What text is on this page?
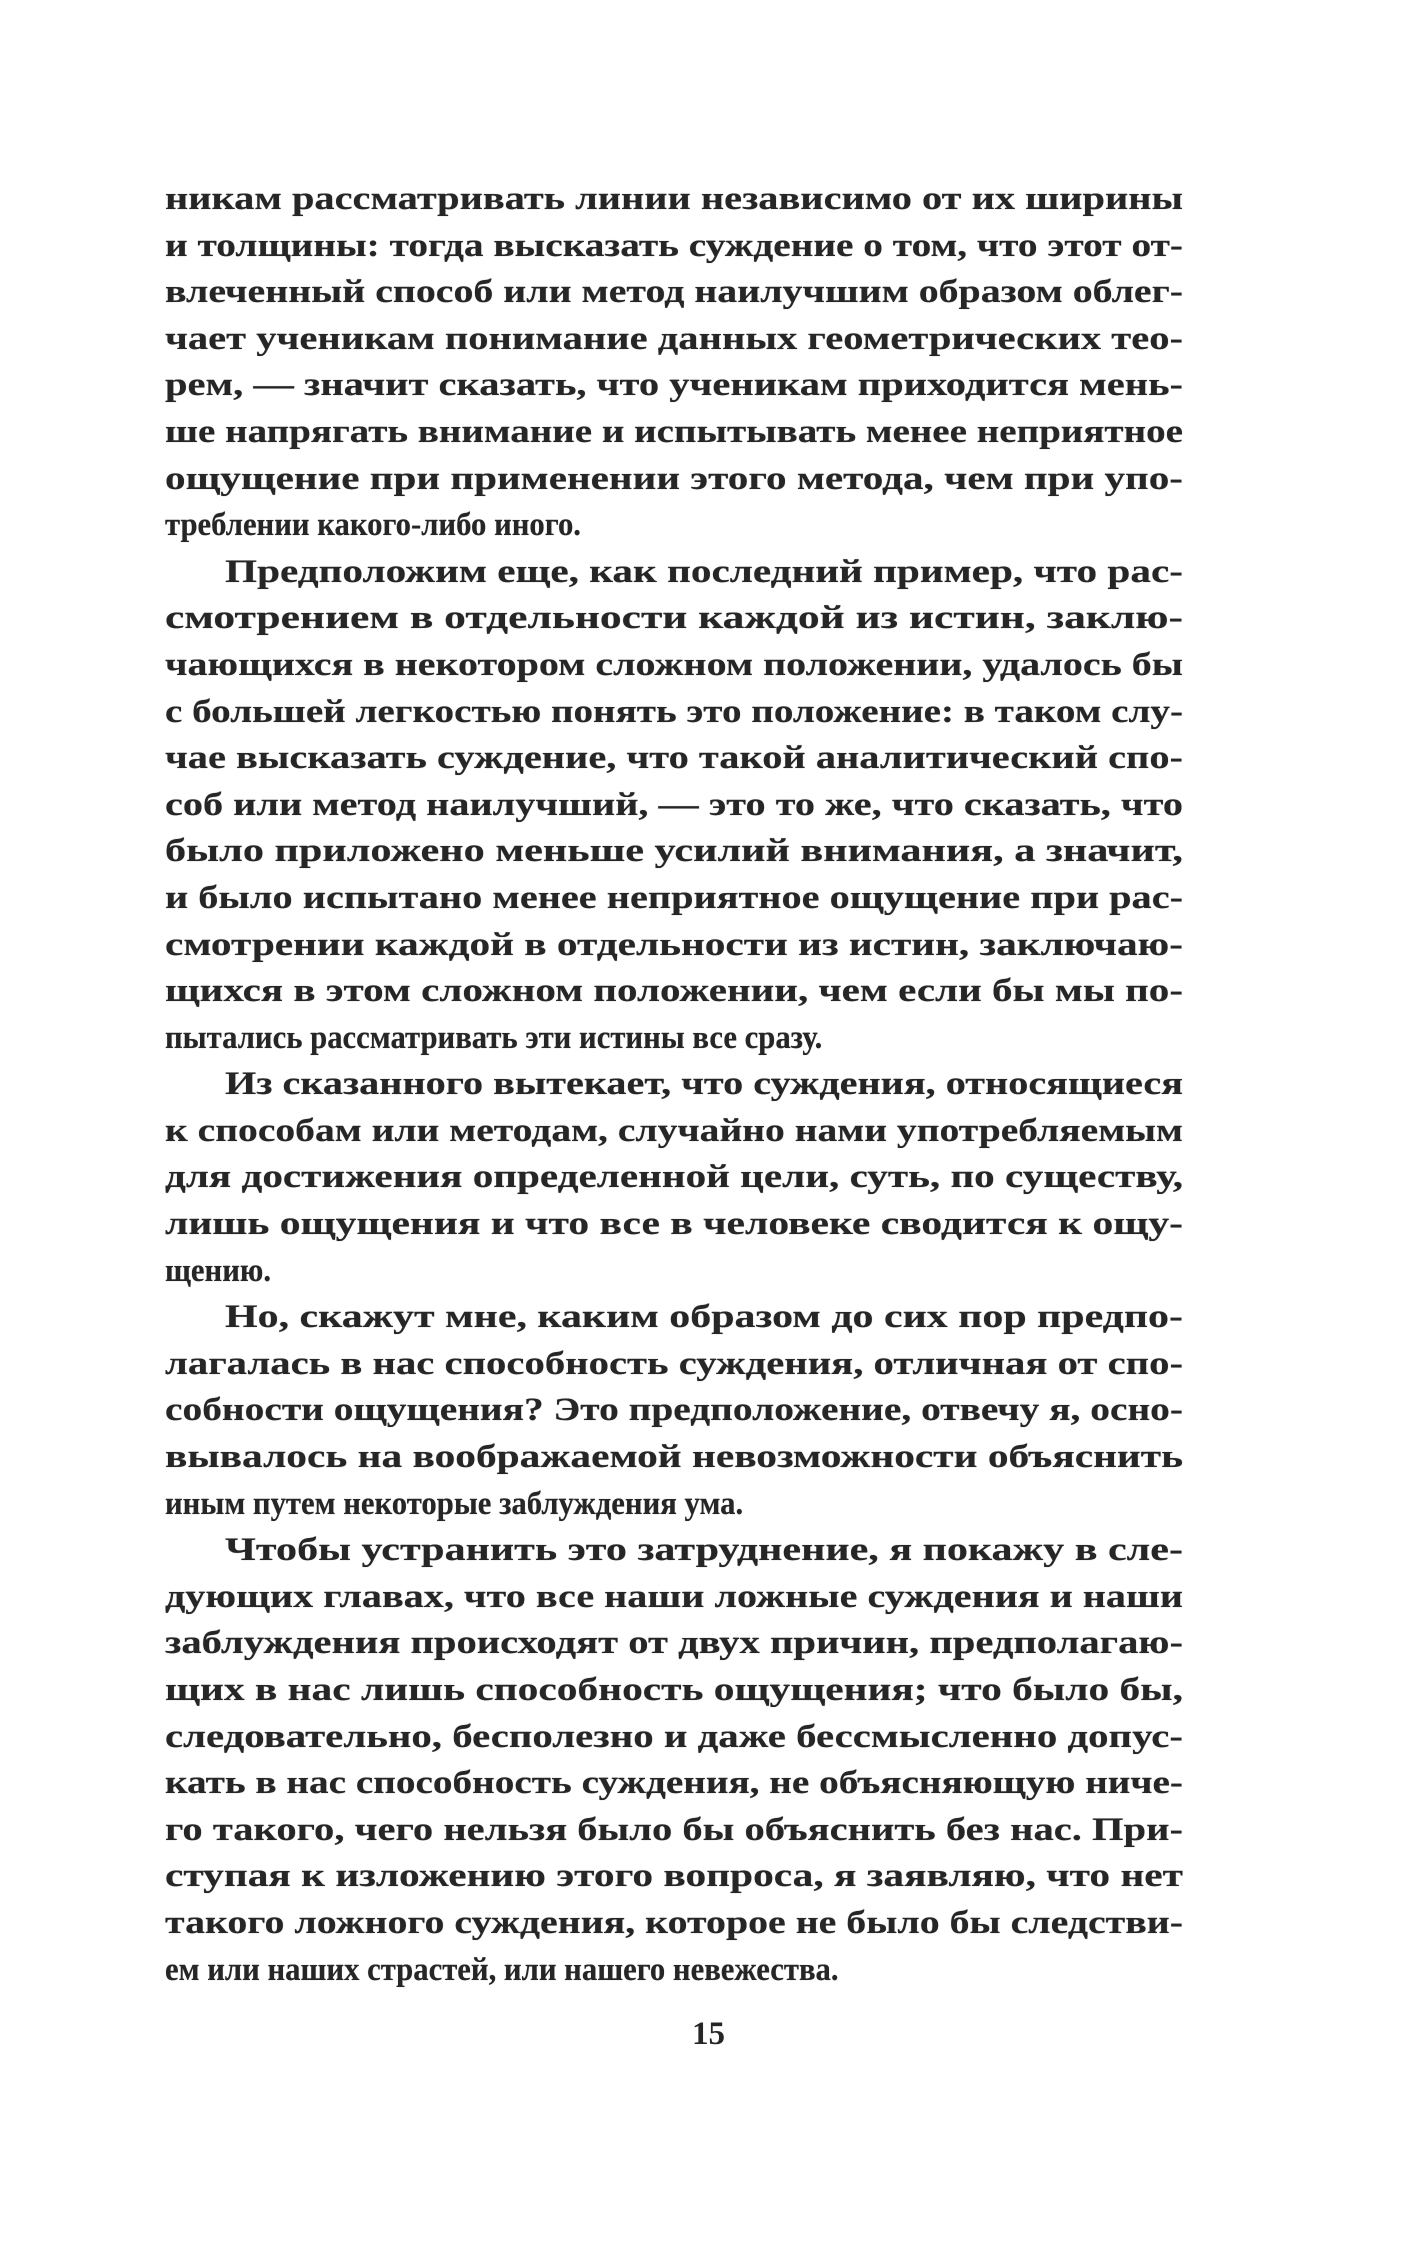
никам рассматривать линии независимо от их ширины
и толщины: тогда высказать суждение о том, что этот от-
влеченный способ или метод наилучшим образом облег-
чает ученикам понимание данных геометрических тео-
рем, — значит сказать, что ученикам приходится мень-
ше напрягать внимание и испытывать менее неприятное
ощущение при применении этого метода, чем при упо-
треблении какого-либо иного.
Предположим еще, как последний пример, что рас-
смотрением в отдельности каждой из истин, заклю-
чающихся в некотором сложном положении, удалось бы
с большей легкостью понять это положение: в таком слу-
чае высказать суждение, что такой аналитический спо-
соб или метод наилучший, — это то же, что сказать, что
было приложено меньше усилий внимания, а значит,
и было испытано менее неприятное ощущение при рас-
смотрении каждой в отдельности из истин, заключаю-
щихся в этом сложном положении, чем если бы мы по-
пытались рассматривать эти истины все сразу.
Из сказанного вытекает, что суждения, относящиеся
к способам или методам, случайно нами употребляемым
для достижения определенной цели, суть, по существу,
лишь ощущения и что все в человеке сводится к ощу-
щению.
Но, скажут мне, каким образом до сих пор предпо-
лагалась в нас способность суждения, отличная от спо-
собности ощущения? Это предположение, отвечу я, осно-
вывалось на воображаемой невозможности объяснить
иным путем некоторые заблуждения ума.
Чтобы устранить это затруднение, я покажу в сле-
дующих главах, что все наши ложные суждения и наши
заблуждения происходят от двух причин, предполагаю-
щих в нас лишь способность ощущения; что было бы,
следовательно, бесполезно и даже бессмысленно допус-
кать в нас способность суждения, не объясняющую ниче-
го такого, чего нельзя было бы объяснить без нас. При-
ступая к изложению этого вопроса, я заявляю, что нет
такого ложного суждения, которое не было бы следстви-
ем или наших страстей, или нашего невежества.
15
